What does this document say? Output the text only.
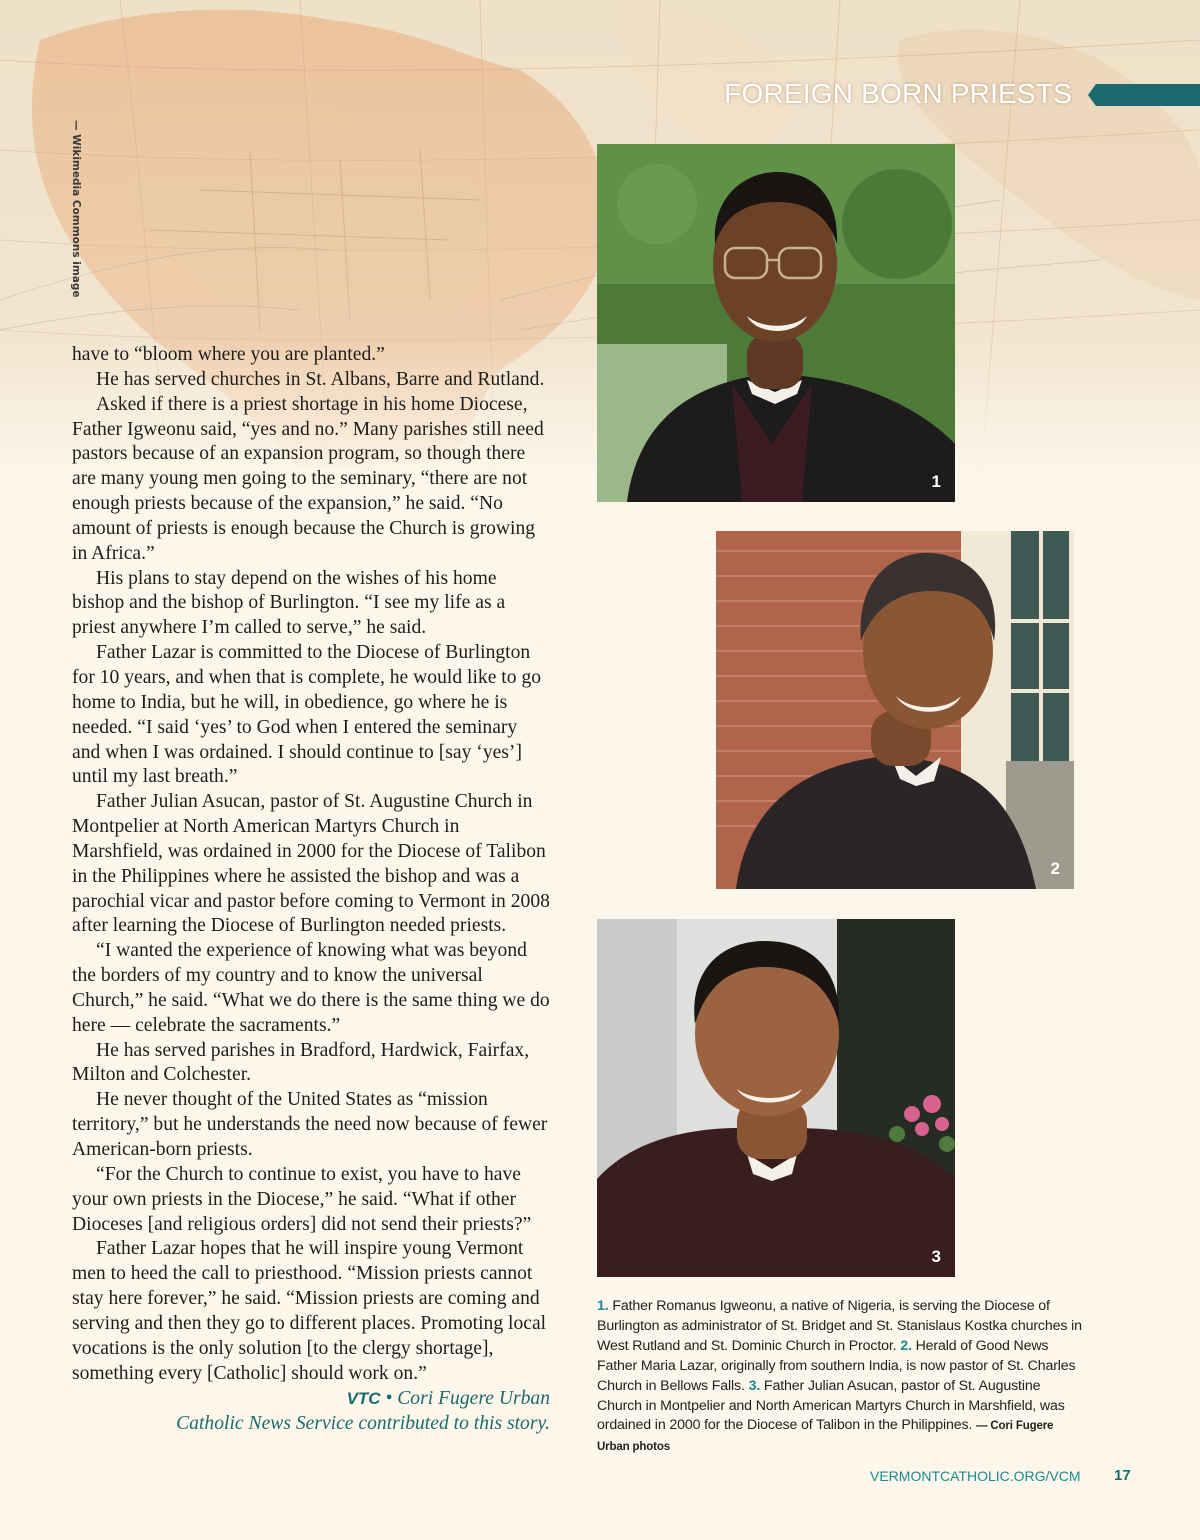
FOREIGN BORN PRIESTS
— Wikimedia Commons image

have to “bloom where you are planted.”

He has served churches in St. Albans, Barre and Rutland.

Asked if there is a priest shortage in his home Diocese, Father Igweonu said, “yes and no.” Many parishes still need pastors because of an expansion program, so though there are many young men going to the seminary, “there are not enough priests because of the expansion,” he said. “No amount of priests is enough because the Church is growing in Africa.”

His plans to stay depend on the wishes of his home bishop and the bishop of Burlington. “I see my life as a priest anywhere I’m called to serve,” he said.

Father Lazar is committed to the Diocese of Burlington for 10 years, and when that is complete, he would like to go home to India, but he will, in obedience, go where he is needed. “I said ‘yes’ to God when I entered the seminary and when I was ordained. I should continue to [say ‘yes’] until my last breath.”

Father Julian Asucan, pastor of St. Augustine Church in Montpelier at North American Martyrs Church in Marshfield, was ordained in 2000 for the Diocese of Talibon in the Philippines where he assisted the bishop and was a parochial vicar and pastor before coming to Vermont in 2008 after learning the Diocese of Burlington needed priests.

“I wanted the experience of knowing what was beyond the borders of my country and to know the universal Church,” he said. “What we do there is the same thing we do here — celebrate the sacraments.”

He has served parishes in Bradford, Hardwick, Fairfax, Milton and Colchester.

He never thought of the United States as “mission territory,” but he understands the need now because of fewer American-born priests.

“For the Church to continue to exist, you have to have your own priests in the Diocese,” he said. “What if other Dioceses [and religious orders] did not send their priests?”

Father Lazar hopes that he will inspire young Vermont men to heed the call to priesthood. “Mission priests cannot stay here forever,” he said. “Mission priests are coming and serving and then they go to different places. Promoting local vocations is the only solution [to the clergy shortage], something every [Catholic] should work on.”

VTC • Cori Fugere Urban
Catholic News Service contributed to this story.
1
2
3
1. Father Romanus Igweonu, a native of Nigeria, is serving the Diocese of Burlington as administrator of St. Bridget and St. Stanislaus Kostka churches in West Rutland and St. Dominic Church in Proctor. 2. Herald of Good News Father Maria Lazar, originally from southern India, is now pastor of St. Charles Church in Bellows Falls. 3. Father Julian Asucan, pastor of St. Augustine Church in Montpelier and North American Martyrs Church in Marshfield, was ordained in 2000 for the Diocese of Talibon in the Philippines. — Cori Fugere Urban photos
VERMONTCATHOLIC.ORG/VCM 17
